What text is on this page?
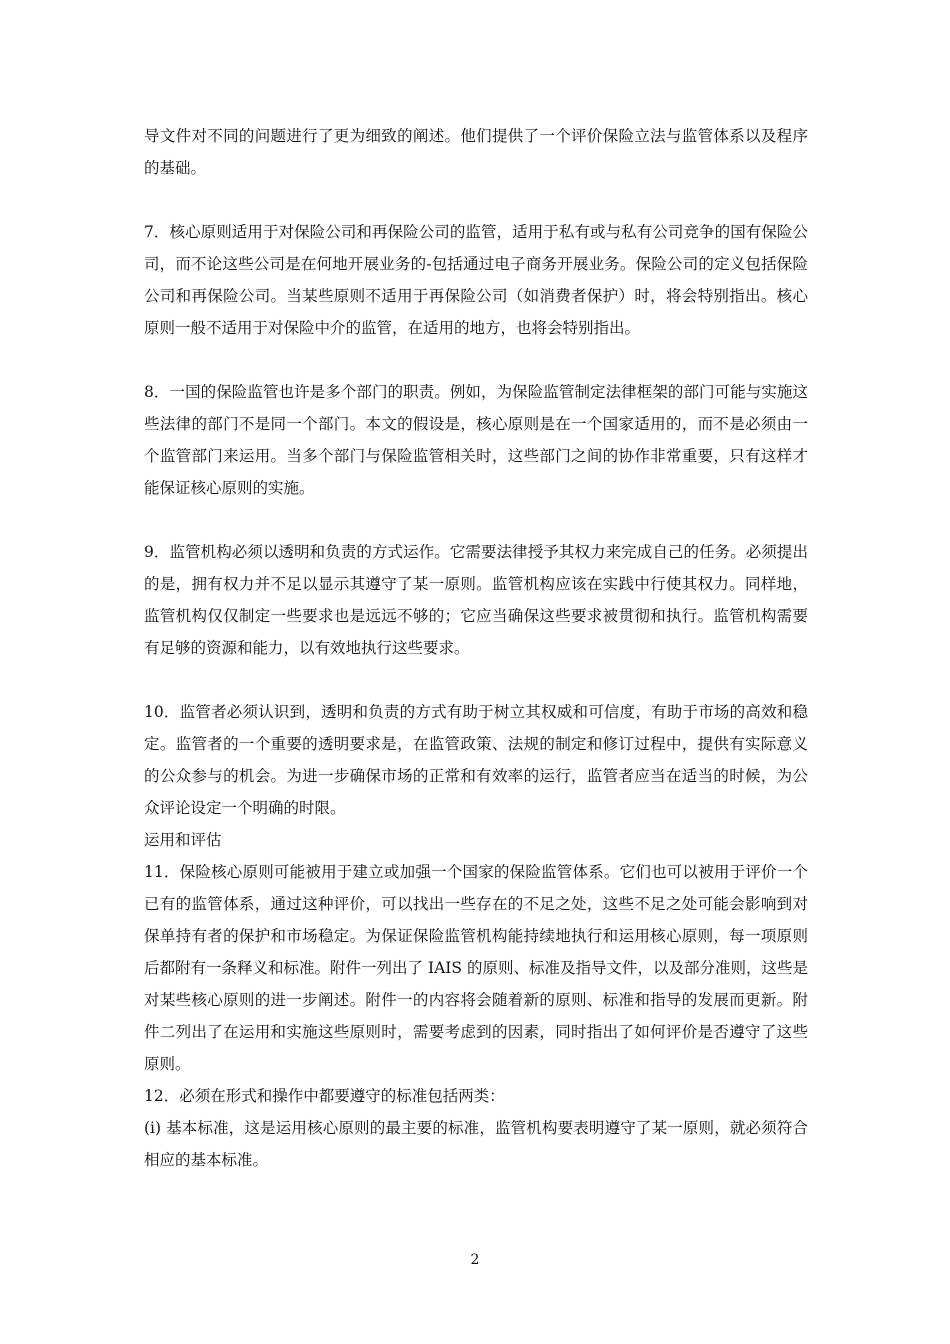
导文件对不同的问题进行了更为细致的阐述。他们提供了一个评价保险立法与监管体系以及程序的基础。

7．核心原则适用于对保险公司和再保险公司的监管，适用于私有或与私有公司竞争的国有保险公司，而不论这些公司是在何地开展业务的-包括通过电子商务开展业务。保险公司的定义包括保险公司和再保险公司。当某些原则不适用于再保险公司（如消费者保护）时，将会特别指出。核心原则一般不适用于对保险中介的监管，在适用的地方，也将会特别指出。

8．一国的保险监管也许是多个部门的职责。例如，为保险监管制定法律框架的部门可能与实施这些法律的部门不是同一个部门。本文的假设是，核心原则是在一个国家适用的，而不是必须由一个监管部门来运用。当多个部门与保险监管相关时，这些部门之间的协作非常重要，只有这样才能保证核心原则的实施。

9．监管机构必须以透明和负责的方式运作。它需要法律授予其权力来完成自己的任务。必须提出的是，拥有权力并不足以显示其遵守了某一原则。监管机构应该在实践中行使其权力。同样地，监管机构仅仅制定一些要求也是远远不够的；它应当确保这些要求被贯彻和执行。监管机构需要有足够的资源和能力，以有效地执行这些要求。

10．监管者必须认识到，透明和负责的方式有助于树立其权威和可信度，有助于市场的高效和稳定。监管者的一个重要的透明要求是，在监管政策、法规的制定和修订过程中，提供有实际意义的公众参与的机会。为进一步确保市场的正常和有效率的运行，监管者应当在适当的时候，为公众评论设定一个明确的时限。

运用和评估

11．保险核心原则可能被用于建立或加强一个国家的保险监管体系。它们也可以被用于评价一个已有的监管体系，通过这种评价，可以找出一些存在的不足之处，这些不足之处可能会影响到对保单持有者的保护和市场稳定。为保证保险监管机构能持续地执行和运用核心原则，每一项原则后都附有一条释义和标准。附件一列出了 IAIS 的原则、标准及指导文件，以及部分准则，这些是对某些核心原则的进一步阐述。附件一的内容将会随着新的原则、标准和指导的发展而更新。附件二列出了在运用和实施这些原则时，需要考虑到的因素，同时指出了如何评价是否遵守了这些原则。

12．必须在形式和操作中都要遵守的标准包括两类：

(i) 基本标准，这是运用核心原则的最主要的标准，监管机构要表明遵守了某一原则，就必须符合相应的基本标准。

2
